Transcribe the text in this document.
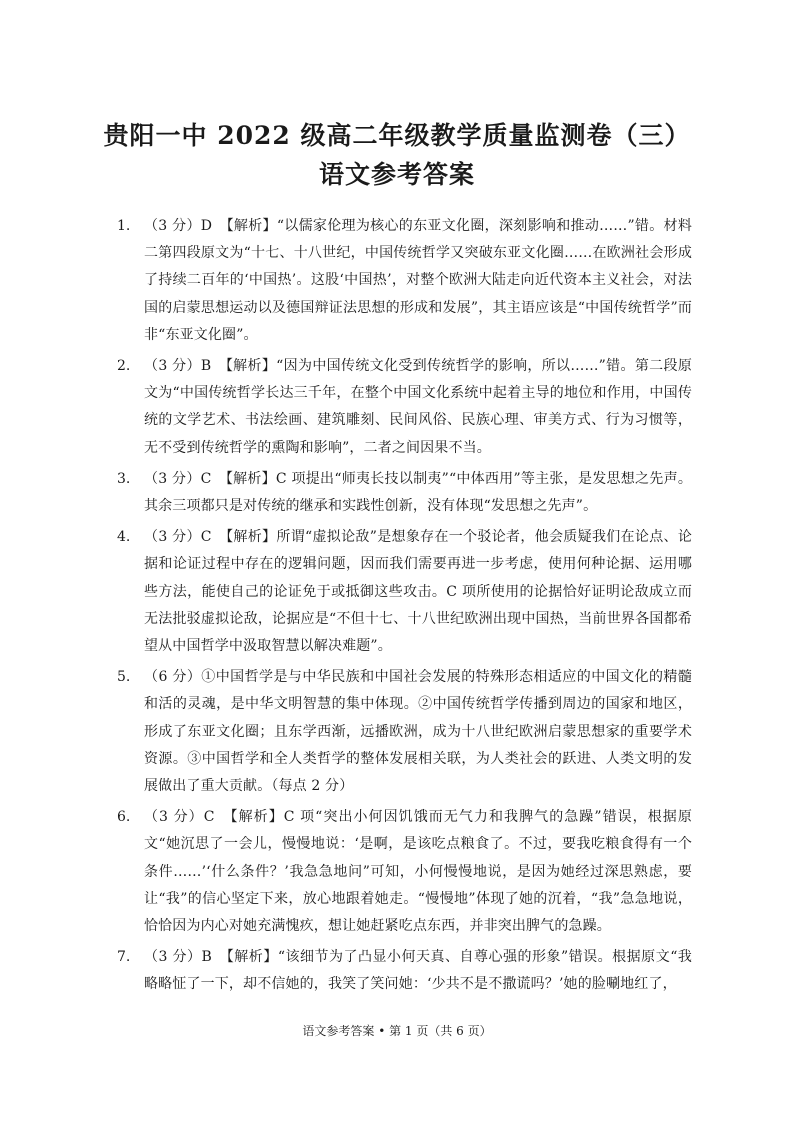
贵阳一中 2022 级高二年级教学质量监测卷（三）
语文参考答案
1. （3 分）D　【解析】“以儒家伦理为核心的东亚文化圈，深刻影响和推动……”错。材料二第四段原文为“十七、十八世纪，中国传统哲学又突破东亚文化圈……在欧洲社会形成了持续二百年的‘中国热’。这股‘中国热’，对整个欧洲大陆走向近代资本主义社会，对法国的启蒙思想运动以及德国辩证法思想的形成和发展”，其主语应该是“中国传统哲学”而非“东亚文化圈”。
2. （3 分）B　【解析】“因为中国传统文化受到传统哲学的影响，所以……”错。第二段原文为“中国传统哲学长达三千年，在整个中国文化系统中起着主导的地位和作用，中国传统的文学艺术、书法绘画、建筑雕刻、民间风俗、民族心理、审美方式、行为习惯等，无不受到传统哲学的熏陶和影响”，二者之间因果不当。
3. （3 分）C　【解析】C 项提出“师夷长技以制夷”“中体西用”等主张，是发思想之先声。其余三项都只是对传统的继承和实践性创新，没有体现“发思想之先声”。
4. （3 分）C　【解析】所谓“虚拟论敌”是想象存在一个驳论者，他会质疑我们在论点、论据和论证过程中存在的逻辑问题，因而我们需要再进一步考虑，使用何种论据、运用哪些方法，能使自己的论证免于或抵御这些攻击。C 项所使用的论据恰好证明论敌成立而无法批驳虚拟论敌，论据应是“不但十七、十八世纪欧洲出现中国热，当前世界各国都希望从中国哲学中汲取智慧以解决难题”。
5. （6 分）①中国哲学是与中华民族和中国社会发展的特殊形态相适应的中国文化的精髓和活的灵魂，是中华文明智慧的集中体现。②中国传统哲学传播到周边的国家和地区，形成了东亚文化圈；且东学西渐，远播欧洲，成为十八世纪欧洲启蒙思想家的重要学术资源。③中国哲学和全人类哲学的整体发展相关联，为人类社会的跃进、人类文明的发展做出了重大贡献。（每点 2 分）
6. （3 分）C　【解析】C 项“突出小何因饥饿而无气力和我脾气的急躁”错误，根据原文“她沉思了一会儿，慢慢地说：‘是啊，是该吃点粮食了。不过，要我吃粮食得有一个条件……’‘什么条件？’我急急地问”可知，小何慢慢地说，是因为她经过深思熟虑，要让“我”的信心坚定下来，放心地跟着她走。“慢慢地”体现了她的沉着，“我”急急地说，恰恰因为内心对她充满愧疚，想让她赶紧吃点东西，并非突出脾气的急躁。
7. （3 分）B　【解析】“该细节为了凸显小何天真、自尊心强的形象”错误。根据原文“我略略怔了一下，却不信她的，我笑了笑问她：‘少共不是不撒谎吗？’她的脸唰地红了，
语文参考答案 • 第 1 页（共 6 页）
